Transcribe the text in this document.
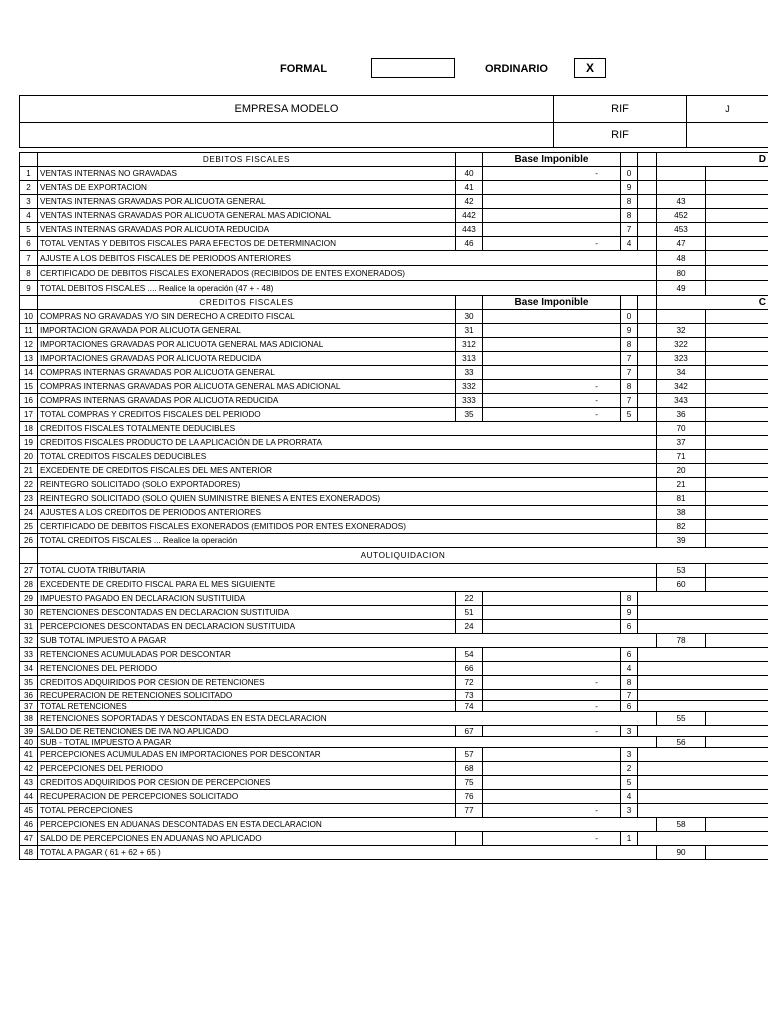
FORMAL	ORDINARIO	X
EMPRESA MODELO	RIF	J
	RIF	
	DEBITOS FISCALES		Base Imponible			D	
1	VENTAS INTERNAS NO GRAVADAS	40	-	0			
2	VENTAS DE EXPORTACION	41		9			
3	VENTAS INTERNAS GRAVADAS POR ALICUOTA GENERAL	42		8		43	
4	VENTAS INTERNAS GRAVADAS POR ALICUOTA GENERAL MAS ADICIONAL	442		8		452	
5	VENTAS INTERNAS GRAVADAS POR ALICUOTA REDUCIDA	443		7		453	
6	TOTAL VENTAS Y DEBITOS FISCALES PARA EFECTOS DE DETERMINACION	46	-	4		47	
7	AJUSTE A LOS DEBITOS FISCALES DE PERIODOS ANTERIORES					48	
8	CERTIFICADO DE DEBITOS FISCALES EXONERADOS (RECIBIDOS DE ENTES EXONERADOS)					80	
9	TOTAL DEBITOS FISCALES .... Realice la operación (47 + - 48)					49	
	CREDITOS FISCALES		Base Imponible			C	
10	COMPRAS NO GRAVADAS Y/O SIN DERECHO A CREDITO FISCAL	30		0			
11	IMPORTACION GRAVADA POR ALICUOTA GENERAL	31		9		32	
12	IMPORTACIONES GRAVADAS POR ALICUOTA GENERAL MAS ADICIONAL	312		8		322	
13	IMPORTACIONES GRAVADAS POR ALICUOTA REDUCIDA	313		7		323	
14	COMPRAS INTERNAS GRAVADAS POR ALICUOTA GENERAL	33		7		34	
15	COMPRAS INTERNAS GRAVADAS POR ALICUOTA GENERAL MAS ADICIONAL	332	-	8		342	
16	COMPRAS INTERNAS GRAVADAS POR ALICUOTA REDUCIDA	333	-	7		343	
17	TOTAL COMPRAS Y CREDITOS FISCALES DEL PERIODO	35	-	5		36	
18	CREDITOS FISCALES TOTALMENTE DEDUCIBLES					70	
19	CREDITOS FISCALES PRODUCTO DE LA APLICACIÓN DE LA PRORRATA					37	
20	TOTAL CREDITOS FISCALES DEDUCIBLES					71	
21	EXCEDENTE DE CREDITOS FISCALES DEL MES ANTERIOR					20	
22	REINTEGRO SOLICITADO (SOLO EXPORTADORES)					21	
23	REINTEGRO SOLICITADO (SOLO QUIEN SUMINISTRE BIENES A ENTES EXONERADOS)					81	
24	AJUSTES A LOS CREDITOS DE PERIODOS ANTERIORES					38	
25	CERTIFICADO DE DEBITOS FISCALES EXONERADOS (EMITIDOS POR ENTES EXONERADOS)					82	
26	TOTAL CREDITOS FISCALES ... Realice la operación					39	
	AUTOLIQUIDACION						
27	TOTAL CUOTA TRIBUTARIA					53	
28	EXCEDENTE DE CREDITO FISCAL PARA EL MES SIGUIENTE					60	
29	IMPUESTO PAGADO EN DECLARACION SUSTITUIDA	22		8			
30	RETENCIONES DESCONTADAS EN DECLARACION SUSTITUIDA	51		9			
31	PERCEPCIONES DESCONTADAS EN DECLARACION SUSTITUIDA	24		6			
32	SUB TOTAL IMPUESTO A PAGAR					78	
33	RETENCIONES ACUMULADAS POR DESCONTAR	54		6			
34	RETENCIONES DEL PERIODO	66		4			
35	CREDITOS ADQUIRIDOS POR CESION DE RETENCIONES	72	-	8			
36	RECUPERACION DE RETENCIONES SOLICITADO	73		7			
37	TOTAL RETENCIONES	74	-	6			
38	RETENCIONES SOPORTADAS Y DESCONTADAS EN ESTA DECLARACION					55	
39	SALDO DE RETENCIONES DE IVA NO APLICADO	67	-	3			
40	SUB - TOTAL IMPUESTO A PAGAR					56	
41	PERCEPCIONES ACUMULADAS EN IMPORTACIONES POR DESCONTAR	57		3			
42	PERCEPCIONES DEL PERIODO	68		2			
43	CREDITOS ADQUIRIDOS POR CESION DE PERCEPCIONES	75		5			
44	RECUPERACION DE PERCEPCIONES SOLICITADO	76		4			
45	TOTAL PERCEPCIONES	77	-	3			
46	PERCEPCIONES EN ADUANAS DESCONTADAS EN ESTA DECLARACION					58	
47	SALDO DE PERCEPCIONES EN ADUANAS NO APLICADO		-	1			
48	TOTAL A PAGAR ( 61 + 62 + 65 )					90	
